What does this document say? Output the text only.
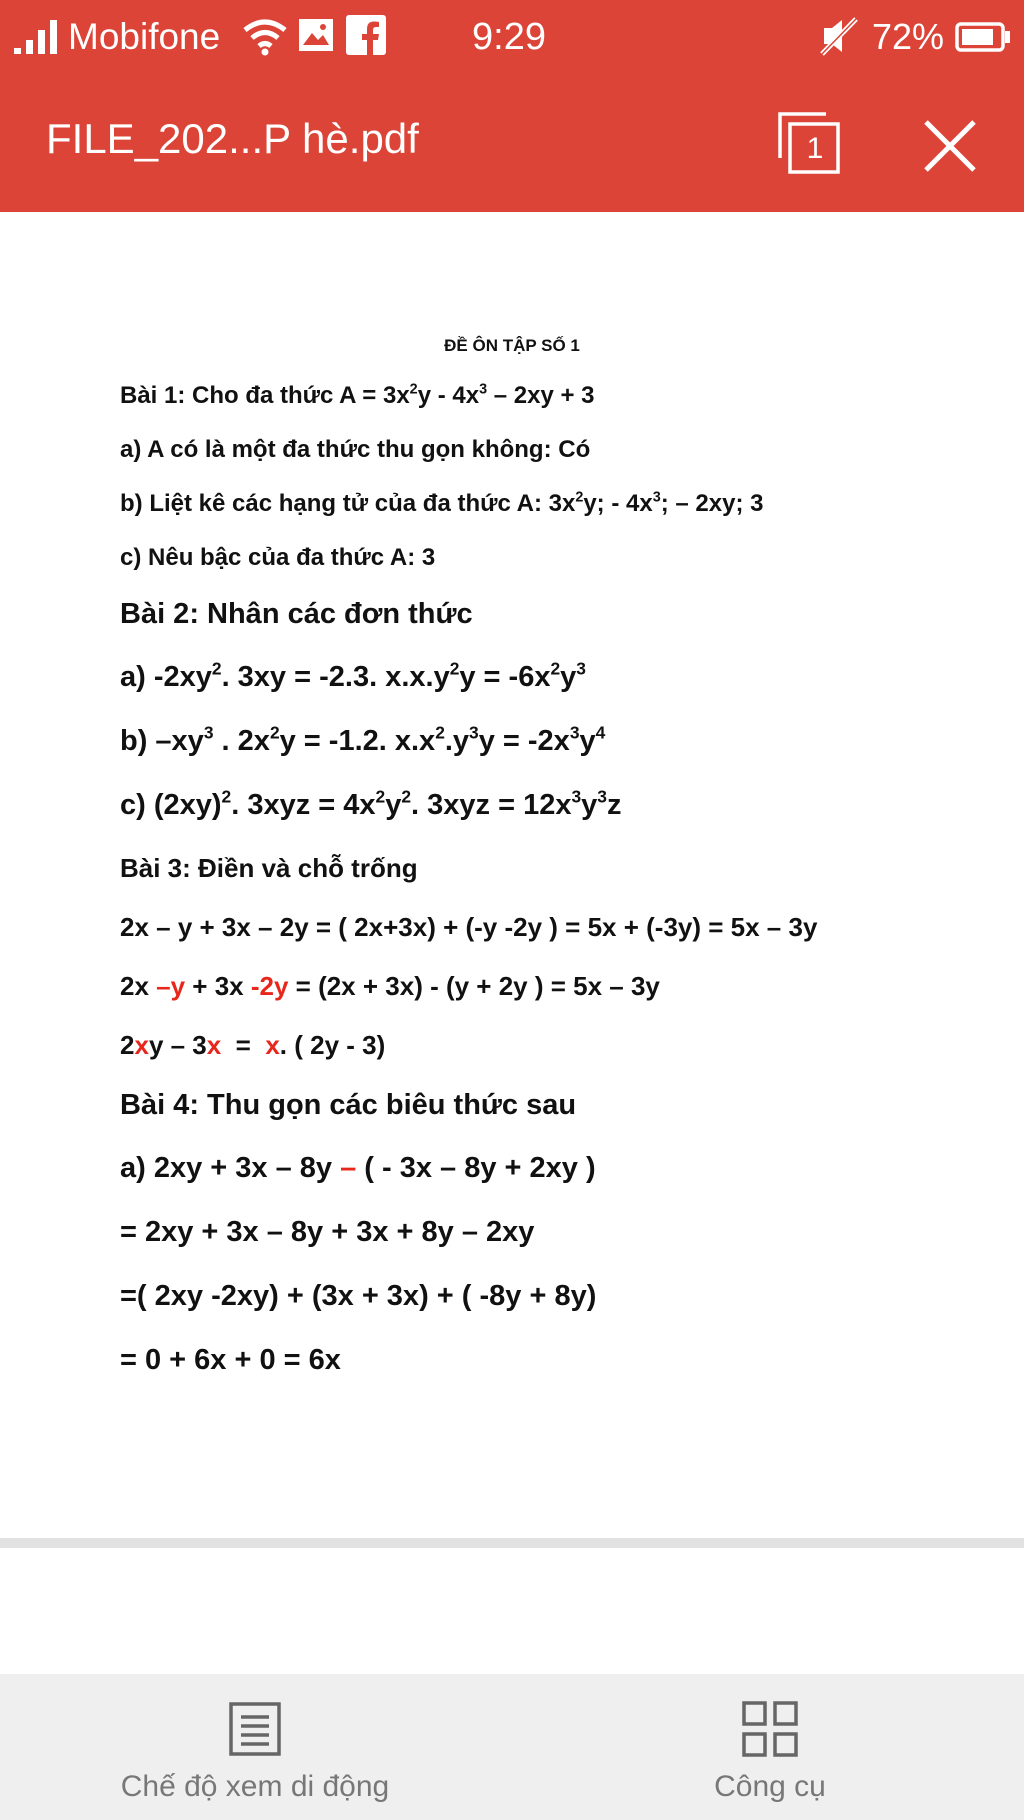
Mobifone	9:29	72%
FILE_202...P hè.pdf	1
ĐỀ ÔN TẬP SỐ 1
Bài 1: Cho đa thức $A = 3x^2y - 4x^3 - 2xy + 3$
a) A có là một đa thức thu gọn không: Có
b) Liệt kê các hạng tử của đa thức A: $3x^2y$; - $4x^3$; – 2xy; 3
c) Nêu bậc của đa thức A: 3
Bài 2: Nhân các đơn thức
a) $-2xy^2$. 3xy = -2.3. $x.x.y^2y = -6x^2y^3$
b) $-xy^3$ . $2x^2y = -1.2$. $x.x^2.y^3y = -2x^3y^4$
c) $(2xy)^2$. $3xyz = 4x^2y^2$. $3xyz = 12x^3y^3z$
Bài 3: Điền và chỗ trống
2x – y + 3x – 2y = ( 2x+3x) + (-y -2y ) = 5x + (-3y) = 5x – 3y
2x –y + 3x -2y = (2x + 3x) - (y + 2y ) = 5x – 3y
2xy – 3x  =  x. ( 2y - 3)
Bài 4: Thu gọn các biêu thức sau
a) 2xy + 3x – 8y – ( - 3x – 8y + 2xy )
= 2xy + 3x – 8y + 3x + 8y – 2xy
=( 2xy -2xy) + (3x + 3x) + ( -8y + 8y)
= 0 + 6x + 0 = 6x
Chế độ xem di động	Công cụ
